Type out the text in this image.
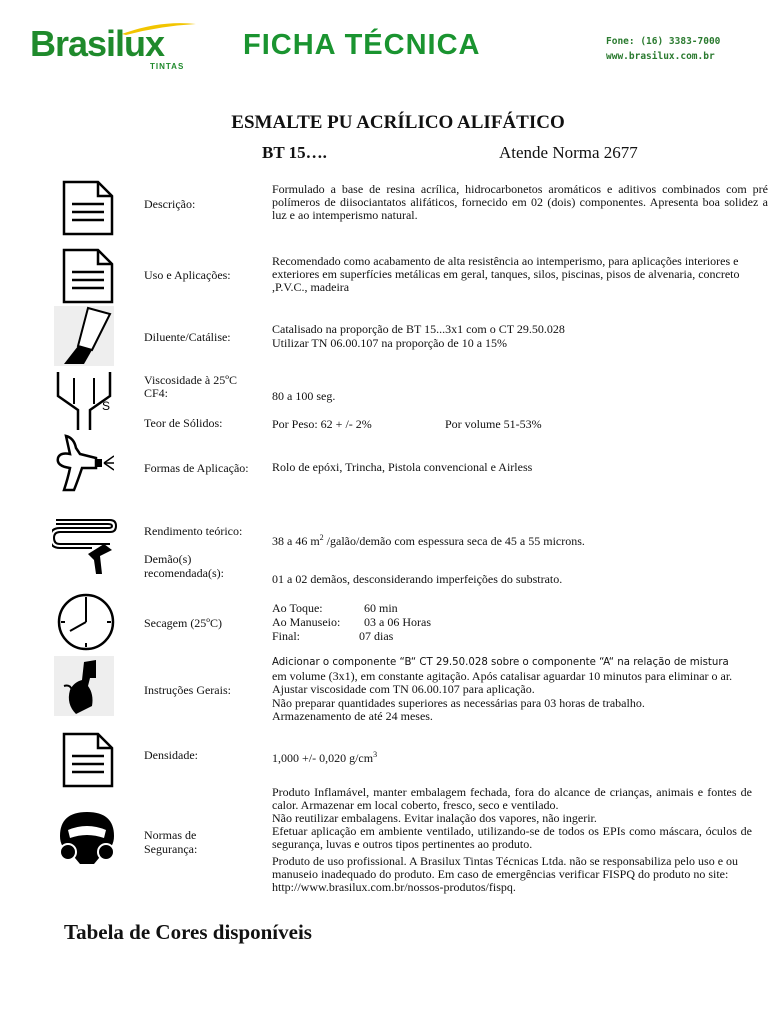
Brasilux
TINTAS
FICHA TÉCNICA	Fone: (16) 3383-7000
www.brasilux.com.br
ESMALTE PU ACRÍLICO ALIFÁTICO
BT 15….	Atende Norma 2677
S
Descrição:
Formulado a base de resina acrílica, hidrocarbonetos aromáticos e aditivos combinados com pré polímeros de diisociantatos alifáticos, fornecido em 02 (dois) componentes. Apresenta boa solidez a luz e ao intemperismo natural.
Uso e Aplicações:
Recomendado como acabamento de alta resistência ao intemperismo, para aplicações interiores e exteriores em superfícies metálicas em geral, tanques, silos, piscinas, pisos de alvenaria, concreto ,P.V.C., madeira
Diluente/Catálise:
Catalisado na proporção de BT 15...3x1 com o CT 29.50.028
Utilizar TN 06.00.107 na proporção de 10 a 15%
Viscosidade à 25ºC
CF4:	80 a 100 seg.
Teor de Sólidos:	Por Peso: 62 + /- 2%	Por volume 51-53%
Formas de Aplicação:	Rolo de epóxi, Trincha, Pistola convencional e Airless
Rendimento teórico:
38 a 46 $m^2$ /galão/demão com espessura seca de 45 a 55 microns.
Demão(s)
recomendada(s):	01 a 02 demãos, desconsiderando imperfeições do substrato.
Secagem (25ºC)
Ao Toque:	60 min
Ao Manuseio: 03 a 06 Horas
Final:	07 dias
Instruções Gerais:
Adicionar o componente “B“ CT 29.50.028 sobre o componente “A“ na relação de mistura
em volume (3x1), em constante agitação. Após catalisar aguardar 10 minutos para eliminar o ar. Ajustar viscosidade com TN 06.00.107 para aplicação.
Não preparar quantidades superiores as necessárias para 03 horas de trabalho.
Armazenamento de até 24 meses.
Densidade:	1,000 +/- 0,020 $g/cm^3$
Normas de
Segurança:
Produto Inflamável, manter embalagem fechada, fora do alcance de crianças, animais e fontes de calor. Armazenar em local coberto, fresco, seco e ventilado.
Não reutilizar embalagens. Evitar inalação dos vapores, não ingerir.
Efetuar aplicação em ambiente ventilado, utilizando-se de todos os EPIs como máscara, óculos de segurança, luvas e outros tipos pertinentes ao produto.
Produto de uso profissional. A Brasilux Tintas Técnicas Ltda. não se responsabiliza pelo uso e ou manuseio inadequado do produto. Em caso de emergências verificar FISPQ do produto no site: http://www.brasilux.com.br/nossos-produtos/fispq.
Tabela de Cores disponíveis
